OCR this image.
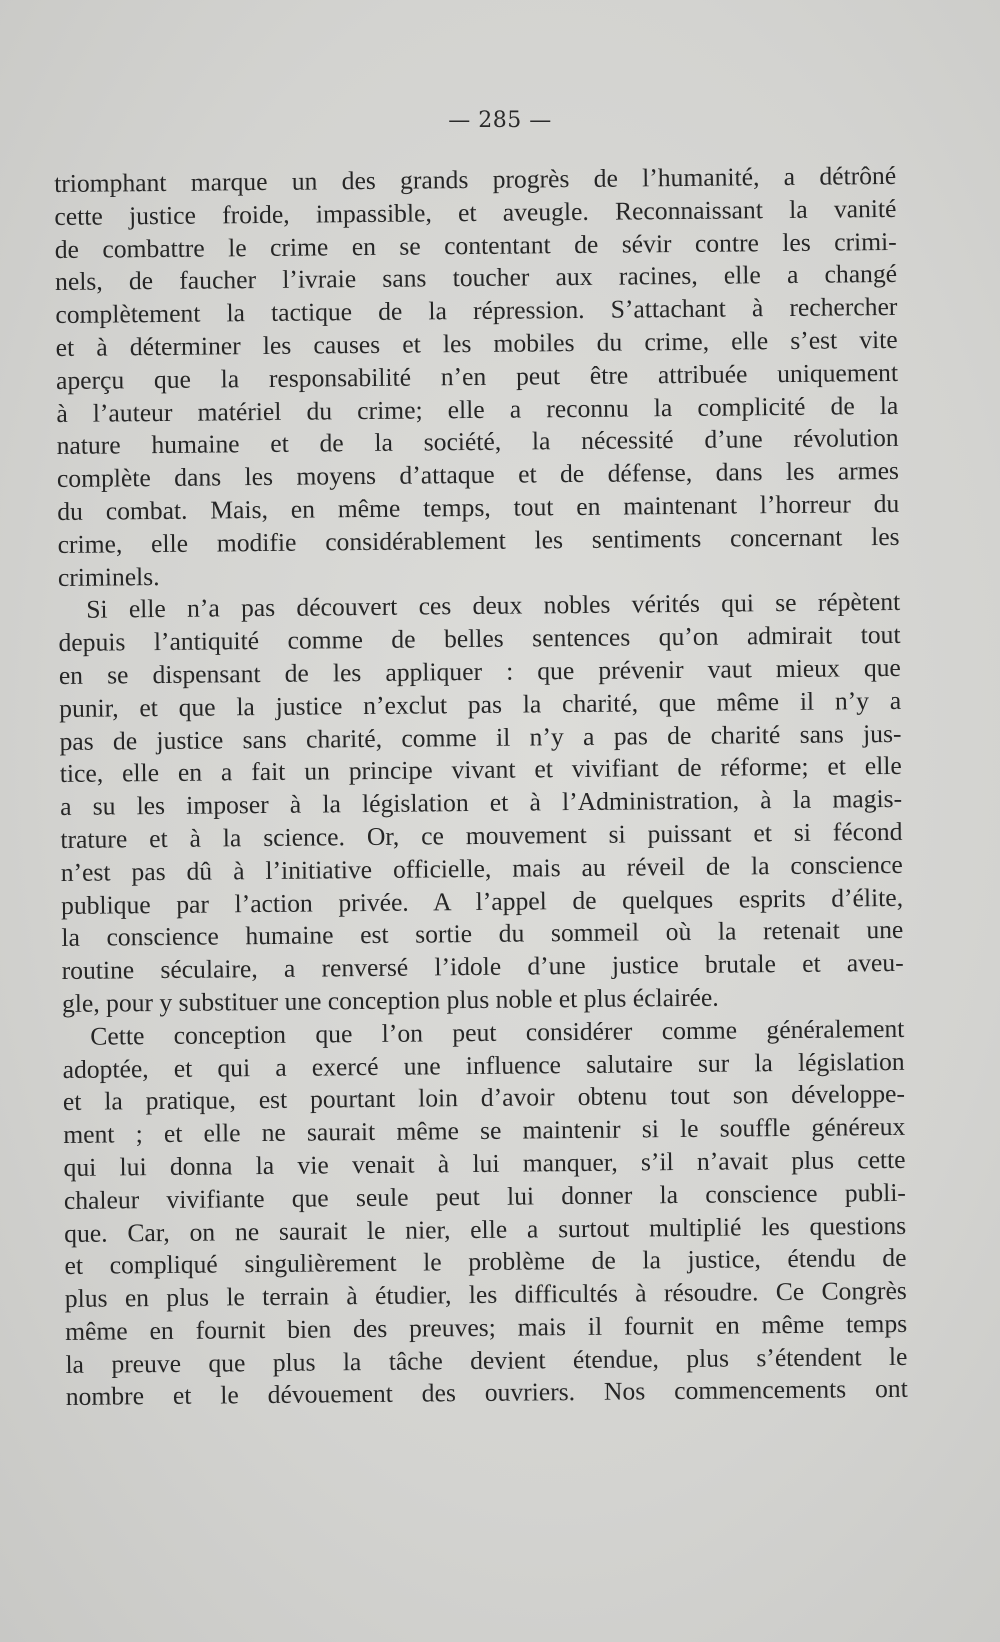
— 285 —
triomphant marque un des grands progrès de l’humanité, a détrôné
cette justice froide, impassible, et aveugle. Reconnaissant la vanité
de combattre le crime en se contentant de sévir contre les crimi-
nels, de faucher l’ivraie sans toucher aux racines, elle a changé
complètement la tactique de la répression. S’attachant à rechercher
et à déterminer les causes et les mobiles du crime, elle s’est vite
aperçu que la responsabilité n’en peut être attribuée uniquement
à l’auteur matériel du crime; elle a reconnu la complicité de la
nature humaine et de la société, la nécessité d’une révolution
complète dans les moyens d’attaque et de défense, dans les armes
du combat. Mais, en même temps, tout en maintenant l’horreur du
crime, elle modifie considérablement les sentiments concernant les
criminels.
Si elle n’a pas découvert ces deux nobles vérités qui se répètent
depuis l’antiquité comme de belles sentences qu’on admirait tout
en se dispensant de les appliquer : que prévenir vaut mieux que
punir, et que la justice n’exclut pas la charité, que même il n’y a
pas de justice sans charité, comme il n’y a pas de charité sans jus-
tice, elle en a fait un principe vivant et vivifiant de réforme; et elle
a su les imposer à la législation et à l’Administration, à la magis-
trature et à la science. Or, ce mouvement si puissant et si fécond
n’est pas dû à l’initiative officielle, mais au réveil de la conscience
publique par l’action privée. A l’appel de quelques esprits d’élite,
la conscience humaine est sortie du sommeil où la retenait une
routine séculaire, a renversé l’idole d’une justice brutale et aveu-
gle, pour y substituer une conception plus noble et plus éclairée.
Cette conception que l’on peut considérer comme généralement
adoptée, et qui a exercé une influence salutaire sur la législation
et la pratique, est pourtant loin d’avoir obtenu tout son développe-
ment ; et elle ne saurait même se maintenir si le souffle généreux
qui lui donna la vie venait à lui manquer, s’il n’avait plus cette
chaleur vivifiante que seule peut lui donner la conscience publi-
que. Car, on ne saurait le nier, elle a surtout multiplié les questions
et compliqué singulièrement le problème de la justice, étendu de
plus en plus le terrain à étudier, les difficultés à résoudre. Ce Congrès
même en fournit bien des preuves; mais il fournit en même temps
la preuve que plus la tâche devient étendue, plus s’étendent le
nombre et le dévouement des ouvriers. Nos commencements ont
